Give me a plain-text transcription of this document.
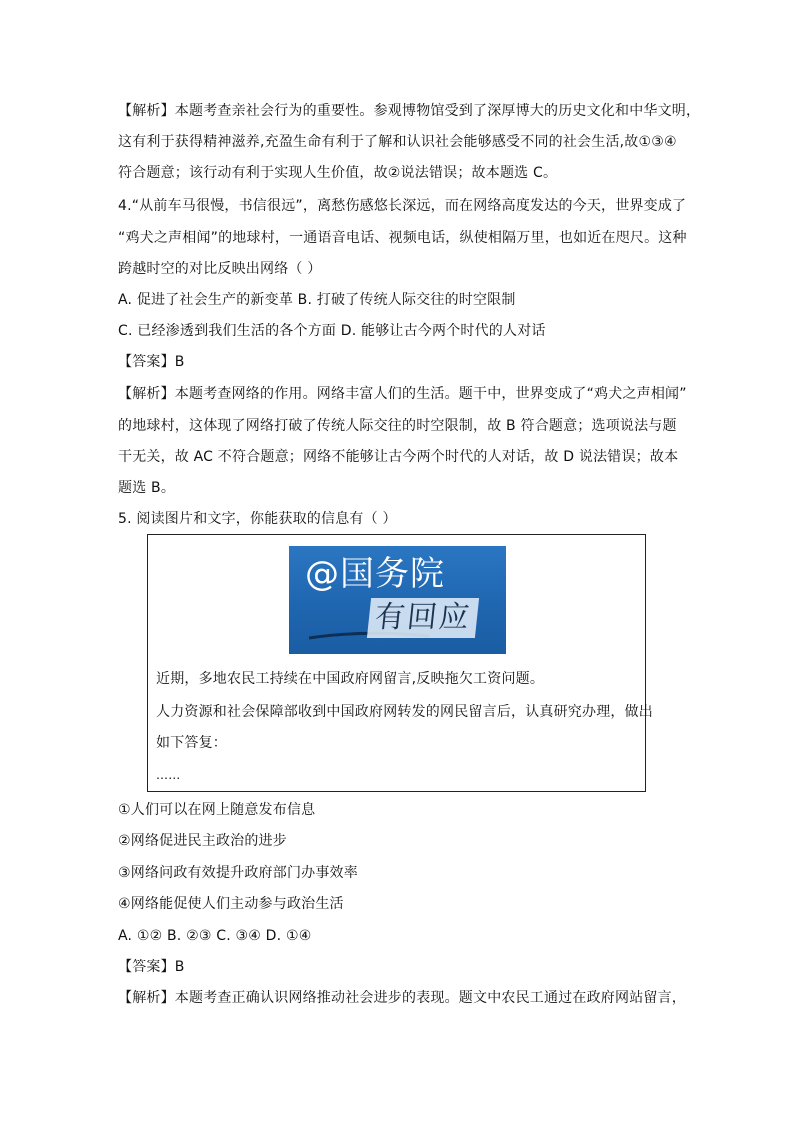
【解析】本题考查亲社会行为的重要性。参观博物馆受到了深厚博大的历史文化和中华文明，
这有利于获得精神滋养,充盈生命有利于了解和认识社会能够感受不同的社会生活,故①③④
符合题意；该行动有利于实现人生价值，故②说法错误；故本题选 C。
4.“从前车马很慢，书信很远”，离愁伤感悠长深远，而在网络高度发达的今天，世界变成了
“鸡犬之声相闻”的地球村，一通语音电话、视频电话，纵使相隔万里，也如近在咫尺。这种
跨越时空的对比反映出网络（ ）
A. 促进了社会生产的新变革 B. 打破了传统人际交往的时空限制
C. 已经渗透到我们生活的各个方面 D. 能够让古今两个时代的人对话
【答案】B
【解析】本题考查网络的作用。网络丰富人们的生活。题干中，世界变成了“鸡犬之声相闻”
的地球村，这体现了网络打破了传统人际交往的时空限制，故 B 符合题意；选项说法与题
干无关，故 AC 不符合题意；网络不能够让古今两个时代的人对话，故 D 说法错误；故本
题选 B。
5. 阅读图片和文字，你能获取的信息有（ ）
@国务院
有回应
近期，多地农民工持续在中国政府网留言,反映拖欠工资问题。
人力资源和社会保障部收到中国政府网转发的网民留言后，认真研究办理，做出
如下答复：
……
①人们可以在网上随意发布信息
②网络促进民主政治的进步
③网络问政有效提升政府部门办事效率
④网络能促使人们主动参与政治生活
A. ①② B. ②③ C. ③④ D. ①④
【答案】B
【解析】本题考查正确认识网络推动社会进步的表现。题文中农民工通过在政府网站留言，
